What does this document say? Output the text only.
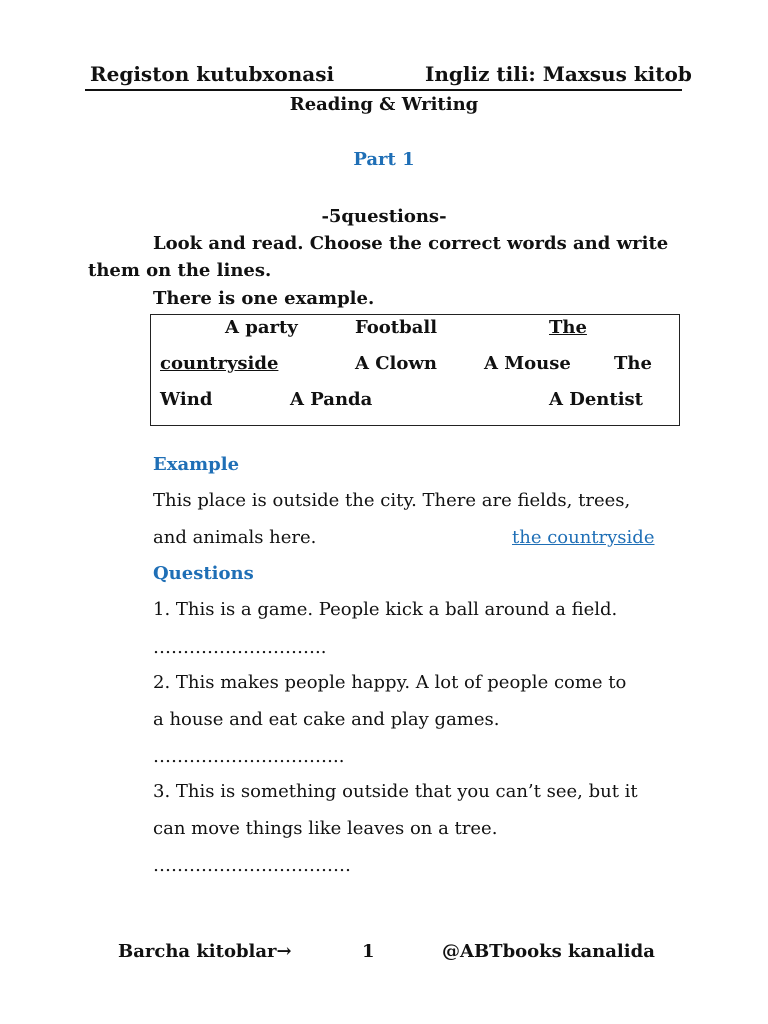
Registon kutubxonasi	Ingliz tili: Maxsus kitob
Reading & Writing
Part 1
-5questions-
Look and read. Choose the correct words and write
them on the lines.
There is one example.
A party	Football	The
countryside	A Clown	A Mouse The
Wind	A Panda	A Dentist
Example
This place is outside the city. There are fields, trees,
and animals here.	the countryside
Questions
1. This is a game. People kick a ball around a field.
………………………..
2. This makes people happy. A lot of people come to
a house and eat cake and play games.
…………………………..
3. This is something outside that you can’t see, but it
can move things like leaves on a tree.
……………………………
Barcha kitoblar→	1	@ABTbooks kanalida
